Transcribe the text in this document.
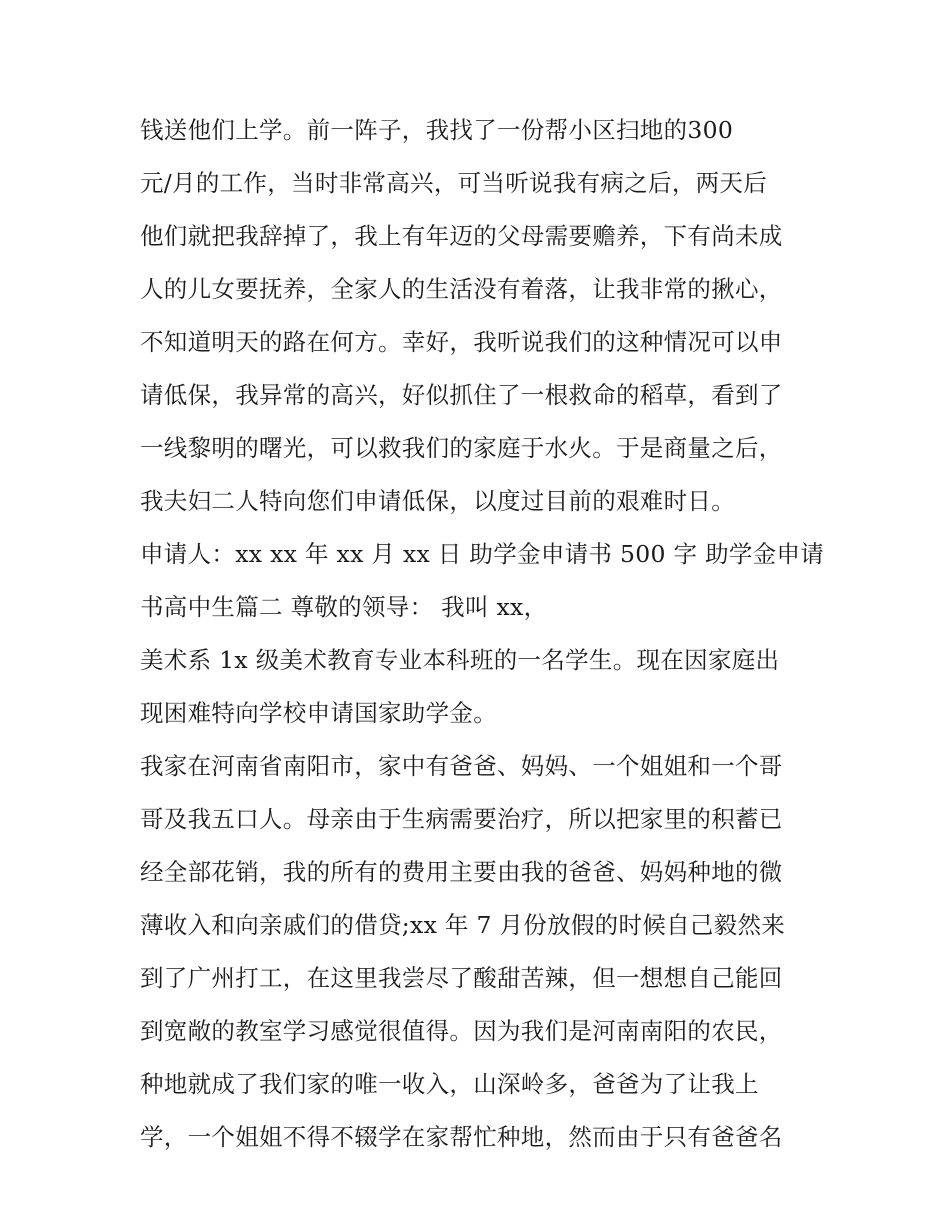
钱送他们上学。前一阵子，我找了一份帮小区扫地的300
元/月的工作，当时非常高兴，可当听说我有病之后，两天后
他们就把我辞掉了，我上有年迈的父母需要赡养，下有尚未成
人的儿女要抚养，全家人的生活没有着落，让我非常的揪心，
不知道明天的路在何方。幸好，我听说我们的这种情况可以申
请低保，我异常的高兴，好似抓住了一根救命的稻草，看到了
一线黎明的曙光，可以救我们的家庭于水火。于是商量之后，
我夫妇二人特向您们申请低保，以度过目前的艰难时日。
申请人：xx xx 年 xx 月 xx 日 助学金申请书 500 字 助学金申请
书高中生篇二 尊敬的领导： 我叫 xx，
美术系 1x 级美术教育专业本科班的一名学生。现在因家庭出
现困难特向学校申请国家助学金。
我家在河南省南阳市，家中有爸爸、妈妈、一个姐姐和一个哥
哥及我五口人。母亲由于生病需要治疗，所以把家里的积蓄已
经全部花销，我的所有的费用主要由我的爸爸、妈妈种地的微
薄收入和向亲戚们的借贷;xx 年 7 月份放假的时候自己毅然来
到了广州打工，在这里我尝尽了酸甜苦辣，但一想想自己能回
到宽敞的教室学习感觉很值得。因为我们是河南南阳的农民，
种地就成了我们家的唯一收入，山深岭多，爸爸为了让我上
学，一个姐姐不得不辍学在家帮忙种地，然而由于只有爸爸名
